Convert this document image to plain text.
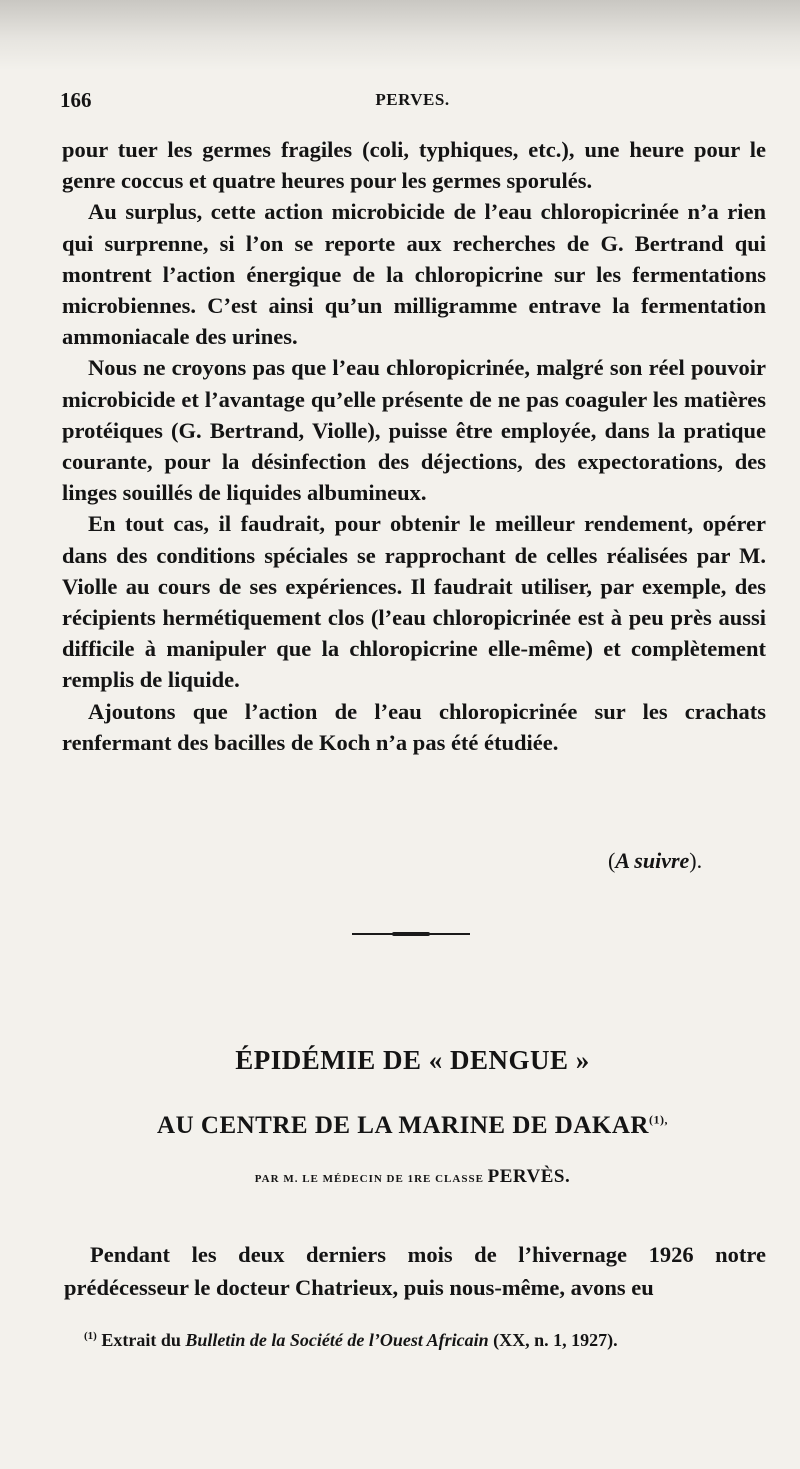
166	PERVES.

pour tuer les germes fragiles (coli, typhiques, etc.), une heure pour le genre coccus et quatre heures pour les germes sporulés.

Au surplus, cette action microbicide de l’eau chloropicrinée n’a rien qui surprenne, si l’on se reporte aux recherches de G. Bertrand qui montrent l’action énergique de la chloropicrine sur les fermentations microbiennes. C’est ainsi qu’un milligramme entrave la fermentation ammoniacale des urines.

Nous ne croyons pas que l’eau chloropicrinée, malgré son réel pouvoir microbicide et l’avantage qu’elle présente de ne pas coaguler les matières protéiques (G. Bertrand, Violle), puisse être employée, dans la pratique courante, pour la désinfection des déjections, des expectorations, des linges souillés de liquides albumineux.

En tout cas, il faudrait, pour obtenir le meilleur rendement, opérer dans des conditions spéciales se rapprochant de celles réalisées par M. Violle au cours de ses expériences. Il faudrait utiliser, par exemple, des récipients hermétiquement clos (l’eau chloropicrinée est à peu près aussi difficile à manipuler que la chloropicrine elle-même) et complètement remplis de liquide.

Ajoutons que l’action de l’eau chloropicrinée sur les crachats renfermant des bacilles de Koch n’a pas été étudiée.

(A suivre).
ÉPIDÉMIE DE « DENGUE »
AU CENTRE DE LA MARINE DE $DAKAR^{(1),}$
PAR M. LE MÉDECIN DE 1RE CLASSE PERVÈS.

Pendant les deux derniers mois de l’hivernage 1926 notre prédécesseur le docteur Chatrieux, puis nous-même, avons eu

$^{(1)}$ Extrait du Bulletin de la Société de l’Ouest Africain (XX, n. 1, 1927).
